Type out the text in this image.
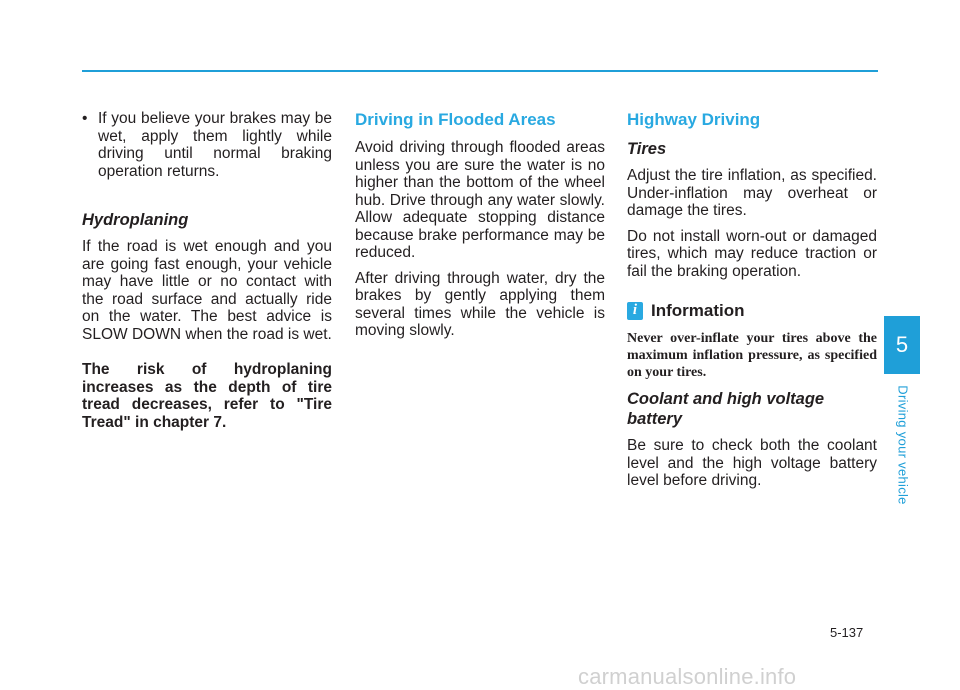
• If you believe your brakes may be wet, apply them lightly while driving until normal braking operation returns.
Hydroplaning

If the road is wet enough and you are going fast enough, your vehicle may have little or no contact with the road surface and actually ride on the water. The best advice is SLOW DOWN when the road is wet.

The risk of hydroplaning increases as the depth of tire tread decreases, refer to "Tire Tread" in chapter 7.

Driving in Flooded Areas

Avoid driving through flooded areas unless you are sure the water is no higher than the bottom of the wheel hub. Drive through any water slowly. Allow adequate stopping distance because brake performance may be reduced.

After driving through water, dry the brakes by gently applying them several times while the vehicle is moving slowly.

Highway Driving
Tires

Adjust the tire inflation, as specified. Under-inflation may overheat or damage the tires.

Do not install worn-out or damaged tires, which may reduce traction or fail the braking operation.

i Information

Never over-inflate your tires above the maximum inflation pressure, as specified on your tires.

Coolant and high voltage battery

Be sure to check both the coolant level and the high voltage battery level before driving.

5
Driving your vehicle
5-137
carmanualsonline.info
